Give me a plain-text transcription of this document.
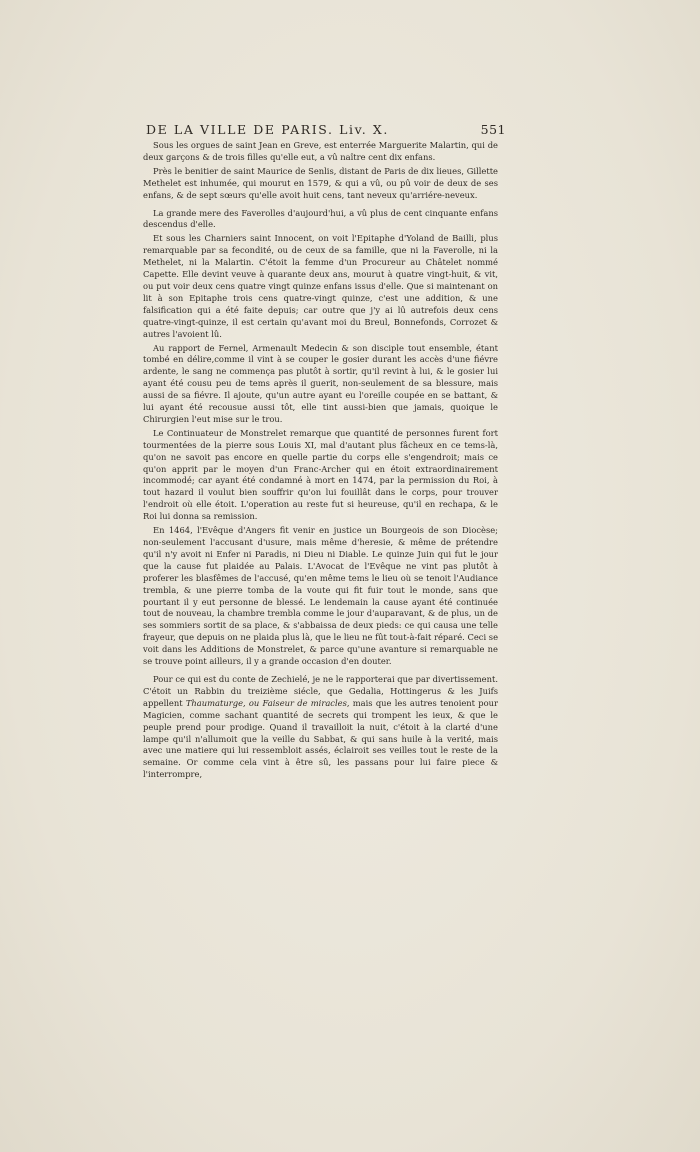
DE LA VILLE DE PARIS. Liv. X.	551

Sous les orgues de saint Jean en Greve, est enterrée Marguerite Malartin, qui de deux garçons & de trois filles qu'elle eut, a vû naître cent dix enfans.

Près le benitier de saint Maurice de Senlis, distant de Paris de dix lieues, Gillette Methelet est inhumée, qui mourut en 1579, & qui a vû, ou pû voir de deux de ses enfans, & de sept sœurs qu'elle avoit huit cens, tant neveux qu'arriére-neveux.

La grande mere des Faverolles d'aujourd'hui, a vû plus de cent cinquante enfans descendus d'elle.

Et sous les Charniers saint Innocent, on voit l'Epitaphe d'Yoland de Bailli, plus remarquable par sa fecondité, ou de ceux de sa famille, que ni la Faverolle, ni la Methelet, ni la Malartin. C'étoit la femme d'un Procureur au Châtelet nommé Capette. Elle devint veuve à quarante deux ans, mourut à quatre vingt-huit, & vit, ou put voir deux cens quatre vingt quinze enfans issus d'elle. Que si maintenant on lit à son Epitaphe trois cens quatre-vingt quinze, c'est une addition, & une falsification qui a été faite depuis; car outre que j'y ai lû autrefois deux cens quatre-vingt-quinze, il est certain qu'avant moi du Breul, Bonnefonds, Corrozet & autres l'avoient lû.

Au rapport de Fernel, Armenault Medecin & son disciple tout ensemble, étant tombé en délire,comme il vint à se couper le gosier durant les accès d'une fiévre ardente, le sang ne commença pas plutôt à sortir, qu'il revint à lui, & le gosier lui ayant été cousu peu de tems après il guerit, non-seulement de sa blessure, mais aussi de sa fiévre. Il ajoute, qu'un autre ayant eu l'oreille coupée en se battant, & lui ayant été recousue aussi tôt, elle tint aussi-bien que jamais, quoique le Chirurgien l'eut mise sur le trou.

Le Continuateur de Monstrelet remarque que quantité de personnes furent fort tourmentées de la pierre sous Louis XI, mal d'autant plus fâcheux en ce tems-là, qu'on ne savoit pas encore en quelle partie du corps elle s'engendroit; mais ce qu'on apprit par le moyen d'un Franc-Archer qui en étoit extraordinairement incommodé; car ayant été condamné à mort en 1474, par la permission du Roi, à tout hazard il voulut bien souffrir qu'on lui fouillât dans le corps, pour trouver l'endroit où elle étoit. L'operation au reste fut si heureuse, qu'il en rechapa, & le Roi lui donna sa remission.

En 1464, l'Evêque d'Angers fit venir en justice un Bourgeois de son Diocèse; non-seulement l'accusant d'usure, mais même d'heresie, & même de prétendre qu'il n'y avoit ni Enfer ni Paradis, ni Dieu ni Diable. Le quinze Juin qui fut le jour que la cause fut plaidée au Palais. L'Avocat de l'Evêque ne vint pas plutôt à proferer les blasfêmes de l'accusé, qu'en même tems le lieu où se tenoit l'Audiance trembla, & une pierre tomba de la voute qui fit fuir tout le monde, sans que pourtant il y eut personne de blessé. Le lendemain la cause ayant été continuée tout de nouveau, la chambre trembla comme le jour d'auparavant, & de plus, un de ses sommiers sortit de sa place, & s'abbaissa de deux pieds: ce qui causa une telle frayeur, que depuis on ne plaida plus là, que le lieu ne fût tout-à-fait réparé. Ceci se voit dans les Additions de Monstrelet, & parce qu'une avanture si remarquable ne se trouve point ailleurs, il y a grande occasion d'en douter.

Pour ce qui est du conte de Zechielé, je ne le rapporterai que par divertissement. C'étoit un Rabbin du treizième siécle, que Gedalia, Hottingerus & les Juifs appellent Thaumaturge, ou Faiseur de miracles, mais que les autres tenoient pour Magicien, comme sachant quantité de secrets qui trompent les ieux, & que le peuple prend pour prodige. Quand il travailloit la nuit, c'étoit à la clarté d'une lampe qu'il n'allumoit que la veille du Sabbat, & qui sans huile à la verité, mais avec une matiere qui lui ressembloit assés, éclairoit ses veilles tout le reste de la semaine. Or comme cela vint à être sû, les passans pour lui faire piece & l'interrompre,
